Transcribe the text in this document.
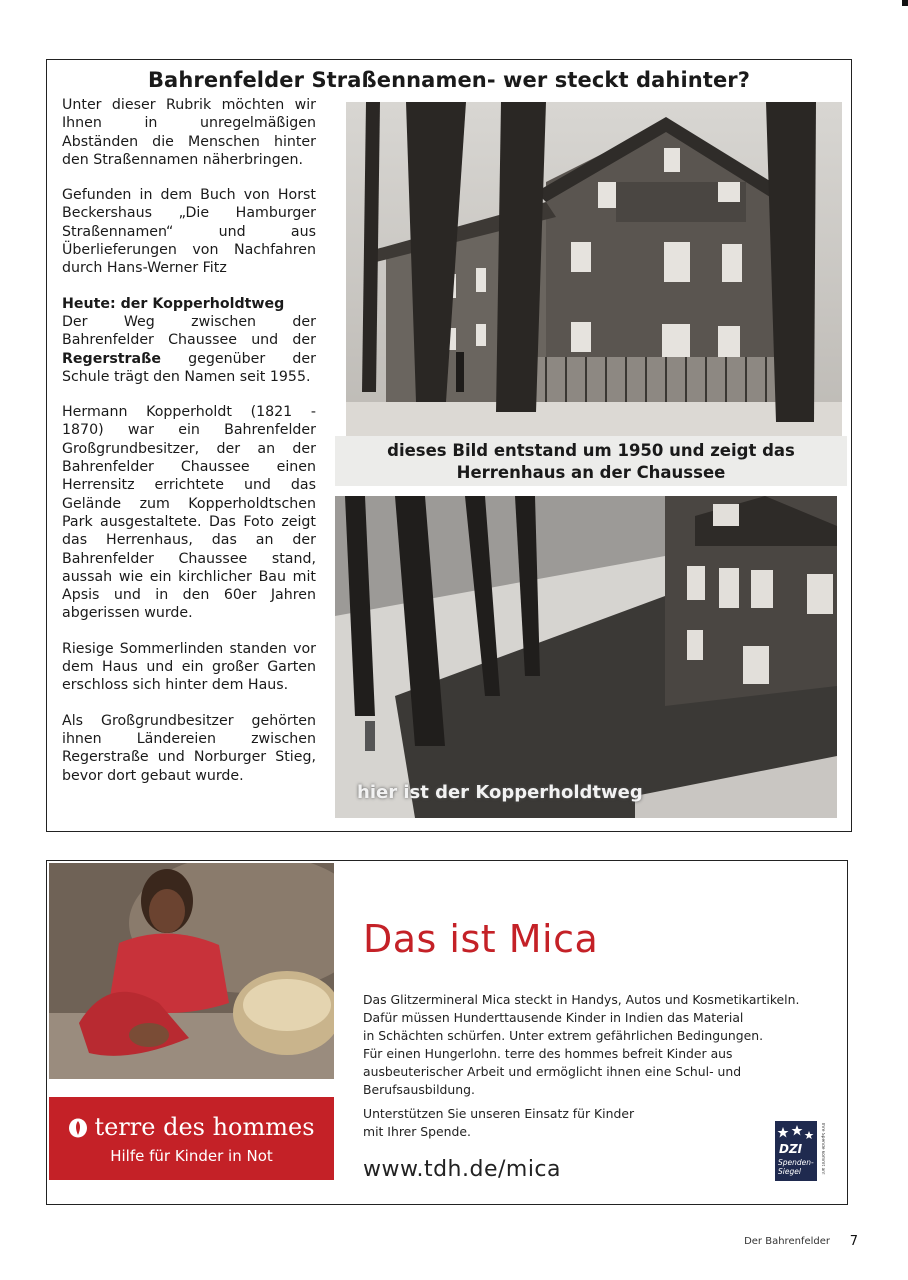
Bahrenfelder Straßennamen- wer steckt dahinter?

Unter dieser Rubrik möchten wir Ihnen in unregelmäßigen Abständen die Menschen hinter den Straßennamen näherbringen.

Gefunden in dem Buch von Horst Beckershaus „Die Hamburger Straßennamen“ und aus Überlieferungen von Nachfahren durch Hans-Werner Fitz

Heute: der Kopperholdtweg
Der Weg zwischen der Bahrenfelder Chaussee und der Regerstraße gegenüber der Schule trägt den Namen seit 1955.

Hermann Kopperholdt (1821 - 1870) war ein Bahrenfelder Großgrundbesitzer, der an der Bahrenfelder Chaussee einen Herrensitz errichtete und das Gelände zum Kopperholdtschen Park ausgestaltete. Das Foto zeigt das Herrenhaus, das an der Bahrenfelder Chaussee stand, aussah wie ein kirchlicher Bau mit Apsis und in den 60er Jahren abgerissen wurde.

Riesige Sommerlinden standen vor dem Haus und ein großer Garten erschloss sich hinter dem Haus.

Als Großgrundbesitzer gehörten ihnen Ländereien zwischen Regerstraße und Norburger Stieg, bevor dort gebaut wurde.

dieses Bild entstand um 1950 und zeigt das Herrenhaus an der Chaussee
hier ist der Kopperholdtweg
terre des hommes
Hilfe für Kinder in Not
Das ist Mica

Das Glitzermineral Mica steckt in Handys, Autos und Kosmetikartikeln.
Dafür müssen Hunderttausende Kinder in Indien das Material
in Schächten schürfen. Unter extrem gefährlichen Bedingungen.
Für einen Hungerlohn. terre des hommes befreit Kinder aus
ausbeuterischer Arbeit und ermöglicht ihnen eine Schul- und
Berufsausbildung.

Unterstützen Sie unseren Einsatz für Kinder
mit Ihrer Spende.

www.tdh.de/mica
DZI
Spenden-
Siegel	Ihre Spende kommt an!
Der Bahrenfelder 7
